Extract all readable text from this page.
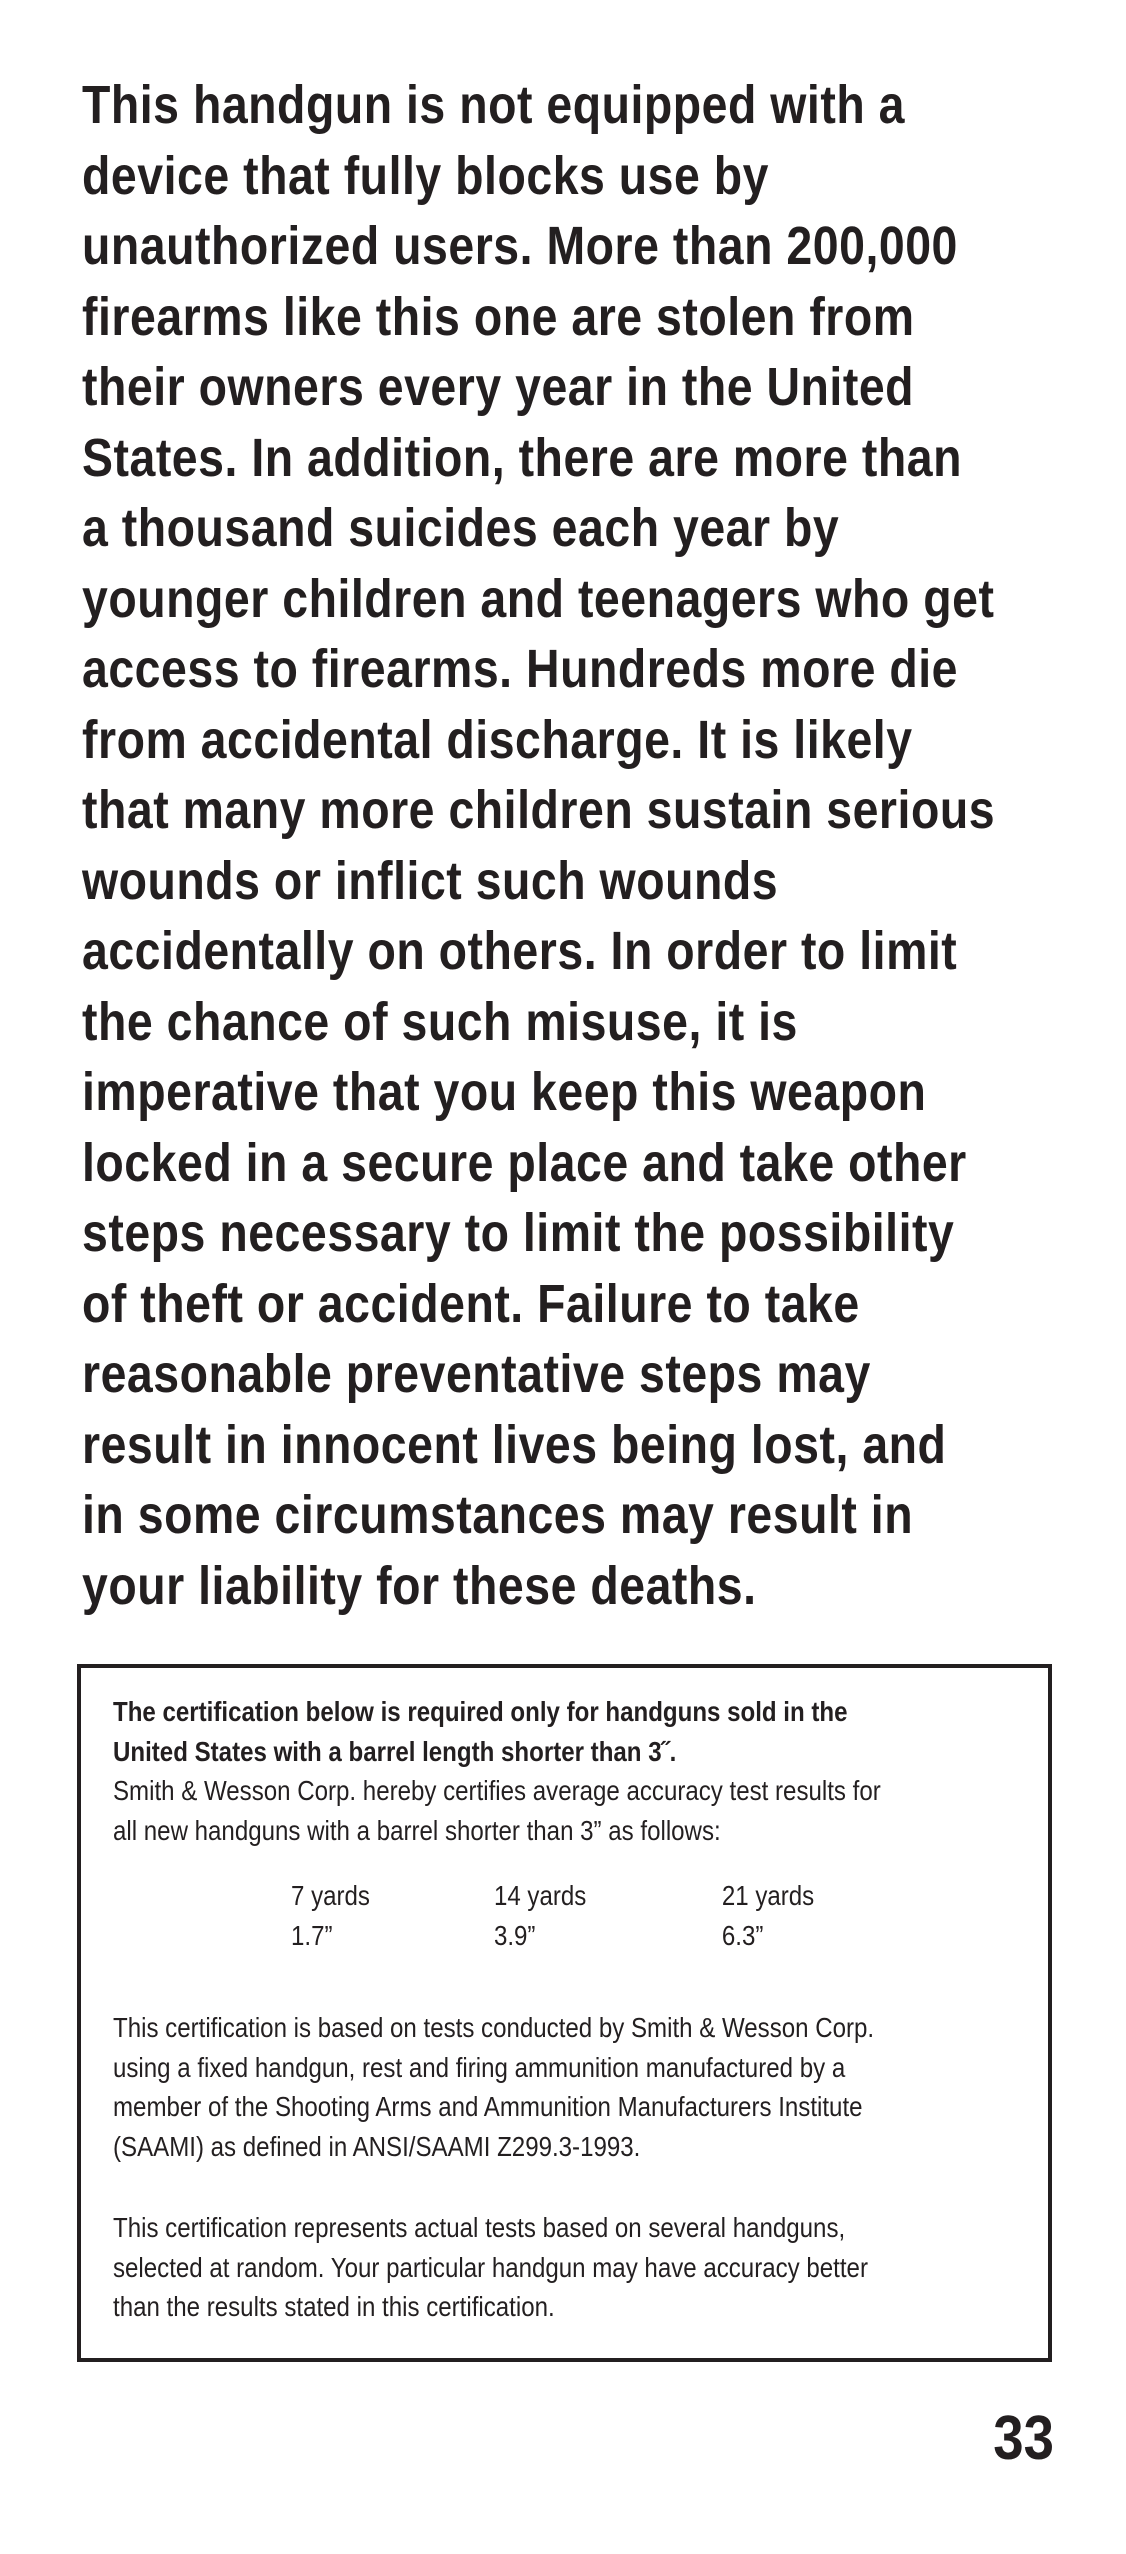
This handgun is not equipped with a
device that fully blocks use by
unauthorized users. More than 200,000
firearms like this one are stolen from
their owners every year in the United
States. In addition, there are more than
a thousand suicides each year by
younger children and teenagers who get
access to firearms. Hundreds more die
from accidental discharge. It is likely
that many more children sustain serious
wounds or inflict such wounds
accidentally on others. In order to limit
the chance of such misuse, it is
imperative that you keep this weapon
locked in a secure place and take other
steps necessary to limit the possibility
of theft or accident. Failure to take
reasonable preventative steps may
result in innocent lives being lost, and
in some circumstances may result in
your liability for these deaths.
The certification below is required only for handguns sold in the
United States with a barrel length shorter than 3˝.
Smith & Wesson Corp. hereby certifies average accuracy test results for
all new handguns with a barrel shorter than 3” as follows:
7 yards
1.7”
14 yards
3.9”
21 yards
6.3”
This certification is based on tests conducted by Smith & Wesson Corp.
using a fixed handgun, rest and firing ammunition manufactured by a
member of the Shooting Arms and Ammunition Manufacturers Institute
(SAAMI) as defined in ANSI/SAAMI Z299.3-1993.
This certification represents actual tests based on several handguns,
selected at random. Your particular handgun may have accuracy better
than the results stated in this certification.
33
